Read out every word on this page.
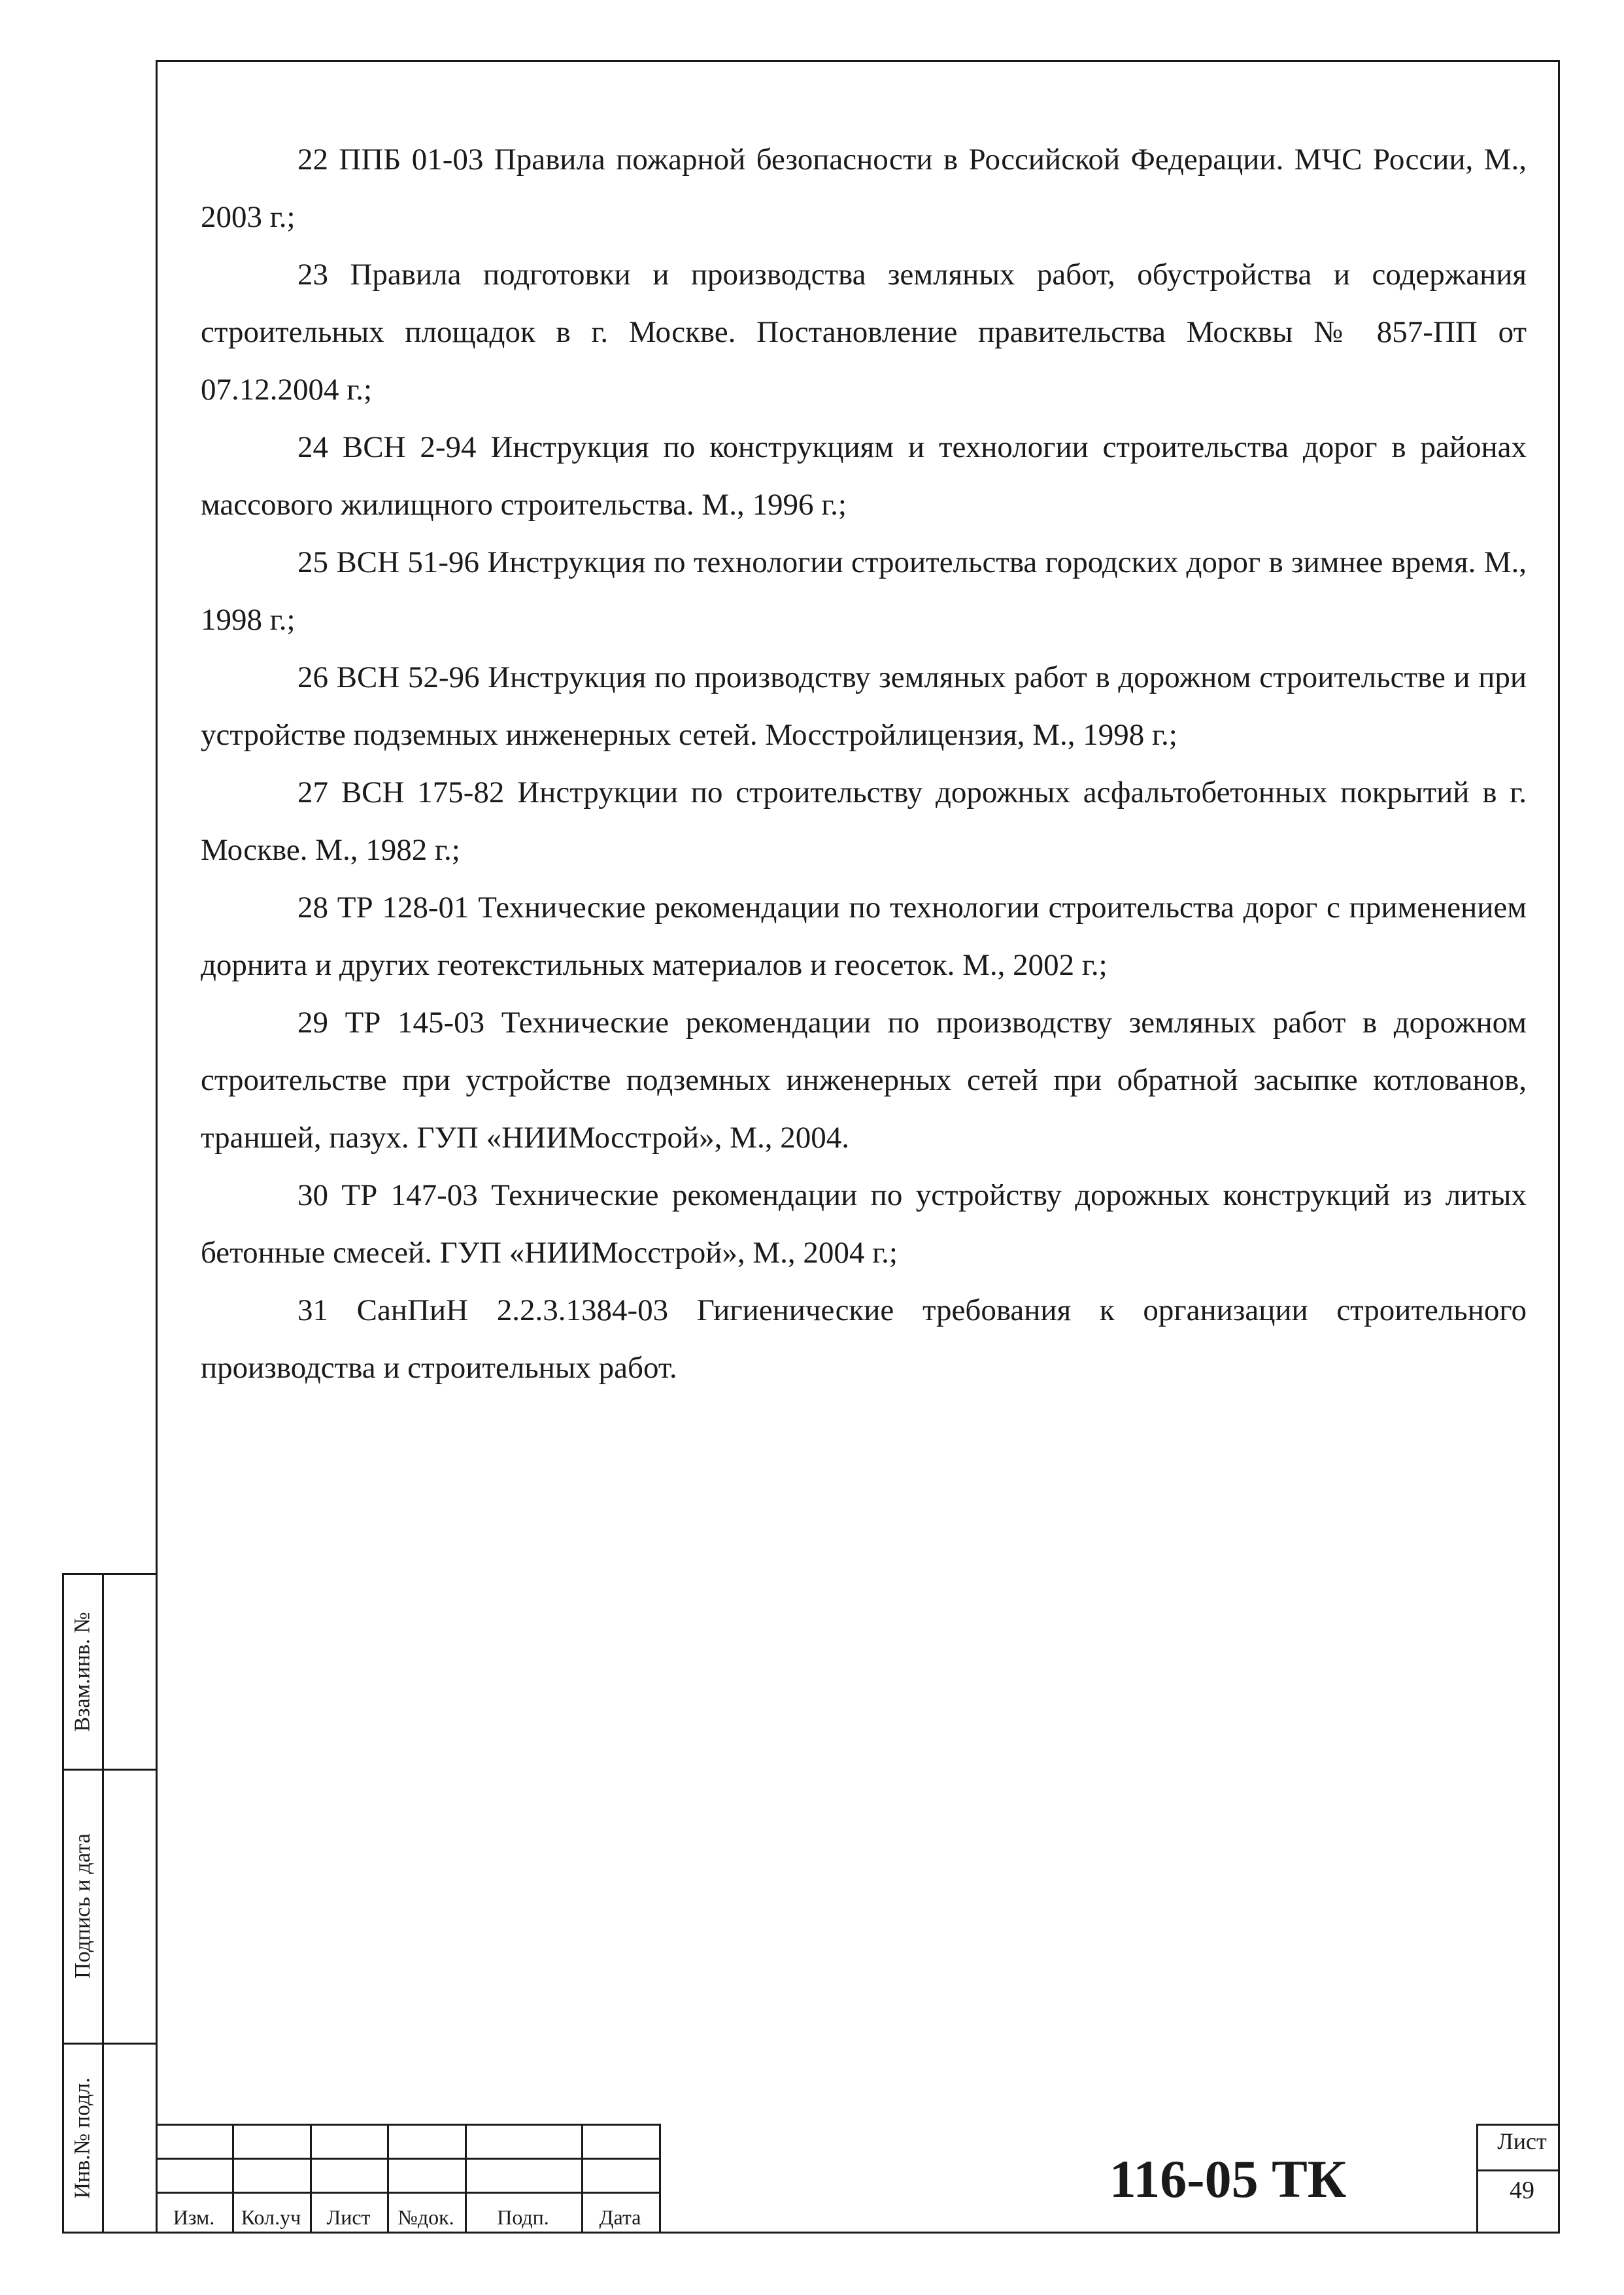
22 ППБ 01-03 Правила пожарной безопасности в Российской Федерации. МЧС России, М., 2003 г.;

23 Правила подготовки и производства земляных работ, обустройства и содержания строительных площадок в г. Москве. Постановление правительства Москвы № 857-ПП от 07.12.2004 г.;

24 ВСН 2-94 Инструкция по конструкциям и технологии строительства дорог в районах массового жилищного строительства. М., 1996 г.;

25 ВСН 51-96 Инструкция по технологии строительства городских дорог в зимнее время. М., 1998 г.;

26 ВСН 52-96 Инструкция по производству земляных работ в дорожном строительстве и при устройстве подземных инженерных сетей. Мосстройлицензия, М., 1998 г.;

27 ВСН 175-82 Инструкции по строительству дорожных асфальтобетонных покрытий в г. Москве. М., 1982 г.;

28 ТР 128-01 Технические рекомендации по технологии строительства дорог с применением дорнита и других геотекстильных материалов и геосеток. М., 2002 г.;

29 ТР 145-03 Технические рекомендации по производству земляных работ в дорожном строительстве при устройстве подземных инженерных сетей при обратной засыпке котлованов, траншей, пазух. ГУП «НИИМосстрой», М., 2004.

30 ТР 147-03 Технические рекомендации по устройству дорожных конструкций из литых бетонные смесей. ГУП «НИИМосстрой», М., 2004 г.;

31 СанПиН 2.2.3.1384-03 Гигиенические требования к организации строительного производства и строительных работ.

Взам.инв. №
Подпись и дата
Инв.№ подл.
Изм.	Кол.уч	Лист	№док.	Подп.	Дата
116-05 ТК
Лист
49
